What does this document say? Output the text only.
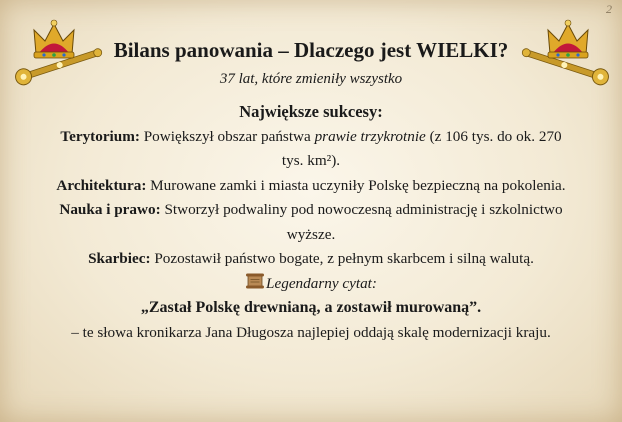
2
Bilans panowania – Dlaczego jest WIELKI?
37 lat, które zmieniły wszystko
Największe sukcesy:
Terytorium: Powiększył obszar państwa prawie trzykrotnie (z 106 tys. do ok. 270 tys. km²).
Architektura: Murowane zamki i miasta uczyniły Polskę bezpieczną na pokolenia.
Nauka i prawo: Stworzył podwaliny pod nowoczesną administrację i szkolnictwo wyższe.
Skarbiec: Pozostawił państwo bogate, z pełnym skarbcem i silną walutą.
Legendarny cytat:
„Zastał Polskę drewnianą, a zostawił murowaną”.
– te słowa kronikarza Jana Długosza najlepiej oddają skalę modernizacji kraju.
